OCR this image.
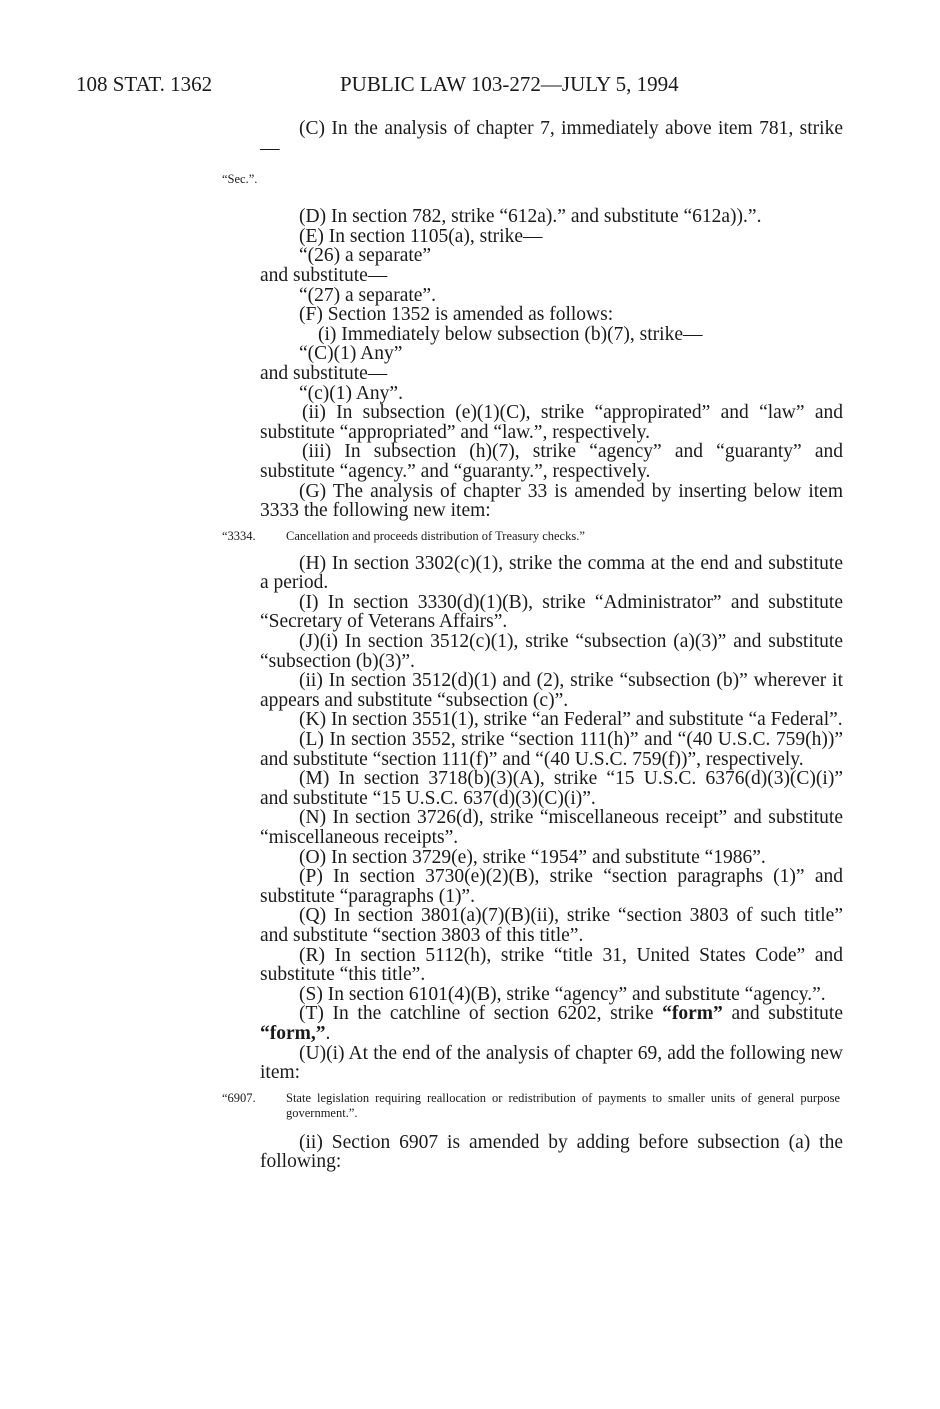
108 STAT. 1362	PUBLIC LAW 103-272—JULY 5, 1994

(C) In the analysis of chapter 7, immediately above item 781, strike—

“Sec.”.

(D) In section 782, strike “612a).” and substitute “612a)).”.

(E) In section 1105(a), strike—

“(26) a separate”

and substitute—

“(27) a separate”.

(F) Section 1352 is amended as follows:

(i) Immediately below subsection (b)(7), strike—

“(C)(1) Any”

and substitute—

“(c)(1) Any”.

(ii) In subsection (e)(1)(C), strike “appropirated” and “law” and substitute “appropriated” and “law.”, respectively.

(iii) In subsection (h)(7), strike “agency” and “guaranty” and substitute “agency.” and “guaranty.”, respectively.

(G) The analysis of chapter 33 is amended by inserting below item 3333 the following new item:

“3334. Cancellation and proceeds distribution of Treasury checks.”

(H) In section 3302(c)(1), strike the comma at the end and substitute a period.

(I) In section 3330(d)(1)(B), strike “Administrator” and substitute “Secretary of Veterans Affairs”.

(J)(i) In section 3512(c)(1), strike “subsection (a)(3)” and substitute “subsection (b)(3)”.

(ii) In section 3512(d)(1) and (2), strike “subsection (b)” wherever it appears and substitute “subsection (c)”.

(K) In section 3551(1), strike “an Federal” and substitute “a Federal”.

(L) In section 3552, strike “section 111(h)” and “(40 U.S.C. 759(h))” and substitute “section 111(f)” and “(40 U.S.C. 759(f))”, respectively.

(M) In section 3718(b)(3)(A), strike “15 U.S.C. 6376(d)(3)(C)(i)” and substitute “15 U.S.C. 637(d)(3)(C)(i)”.

(N) In section 3726(d), strike “miscellaneous receipt” and substitute “miscellaneous receipts”.

(O) In section 3729(e), strike “1954” and substitute “1986”.

(P) In section 3730(e)(2)(B), strike “section paragraphs (1)” and substitute “paragraphs (1)”.

(Q) In section 3801(a)(7)(B)(ii), strike “section 3803 of such title” and substitute “section 3803 of this title”.

(R) In section 5112(h), strike “title 31, United States Code” and substitute “this title”.

(S) In section 6101(4)(B), strike “agency” and substitute “agency.”.

(T) In the catchline of section 6202, strike “form” and substitute “form,”.

(U)(i) At the end of the analysis of chapter 69, add the following new item:

“6907. State legislation requiring reallocation or redistribution of payments to smaller units of general purpose government.”.

(ii) Section 6907 is amended by adding before subsection (a) the following:
